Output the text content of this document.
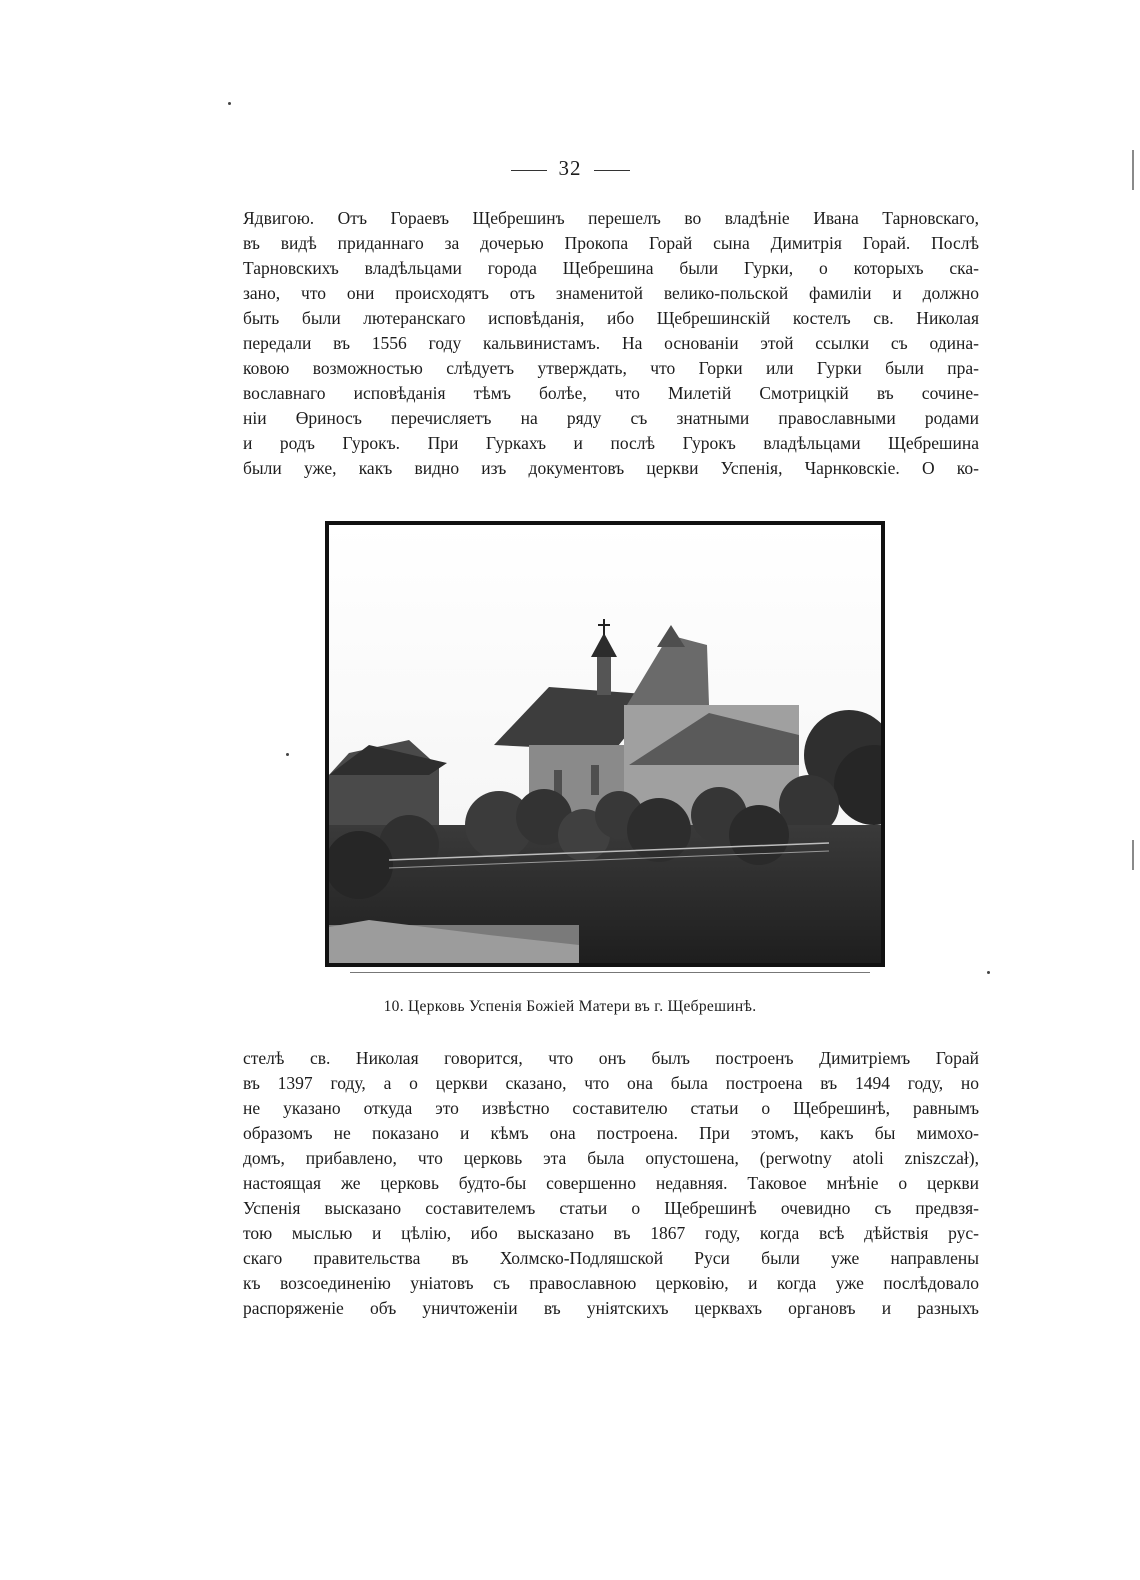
32

Ядвигою. Отъ Гораевъ Щебрешинъ перешелъ во владѣніе Ивана Тарновскаго,
въ видѣ приданнаго за дочерью Прокопа Горай сына Димитрія Горай. Послѣ
Тарновскихъ владѣльцами города Щебрешина были Гурки, о которыхъ ска-
зано, что они происходятъ отъ знаменитой велико-польской фамиліи и должно
быть были лютеранскаго исповѣданія, ибо Щебрешинскій костелъ св. Николая
передали въ 1556 году кальвинистамъ. На основаніи этой ссылки съ одина-
ковою возможностью слѣдуетъ утверждать, что Горки или Гурки были пра-
вославнаго исповѣданія тѣмъ болѣе, что Милетій Смотрицкій въ сочине-
ніи Өриносъ перечисляетъ на ряду съ знатными православными родами
и родъ Гурокъ. При Гуркахъ и послѣ Гурокъ владѣльцами Щебрешина
были уже, какъ видно изъ документовъ церкви Успенія, Чарнковскіе. О ко-

10. Церковь Успенія Божіей Матери въ г. Щебрешинѣ.

стелѣ св. Николая говорится, что онъ былъ построенъ Димитріемъ Горай
въ 1397 году, а о церкви сказано, что она была построена въ 1494 году, но
не указано откуда это извѣстно составителю статьи о Щебрешинѣ, равнымъ
образомъ не показано и кѣмъ она построена. При этомъ, какъ бы мимохо-
домъ, прибавлено, что церковь эта была опустошена, (perwotny atoli zniszczał),
настоящая же церковь будто-бы совершенно недавняя. Таковое мнѣніе о церкви
Успенія высказано составителемъ статьи о Щебрешинѣ очевидно съ предвзя-
тою мыслью и цѣлію, ибо высказано въ 1867 году, когда всѣ дѣйствія рус-
скаго правительства въ Холмско-Подляшской Руси были уже направлены
къ возсоединенію уніатовъ съ православною церковію, и когда уже послѣдовало
распоряженіе объ уничтоженіи въ уніятскихъ церквахъ органовъ и разныхъ
